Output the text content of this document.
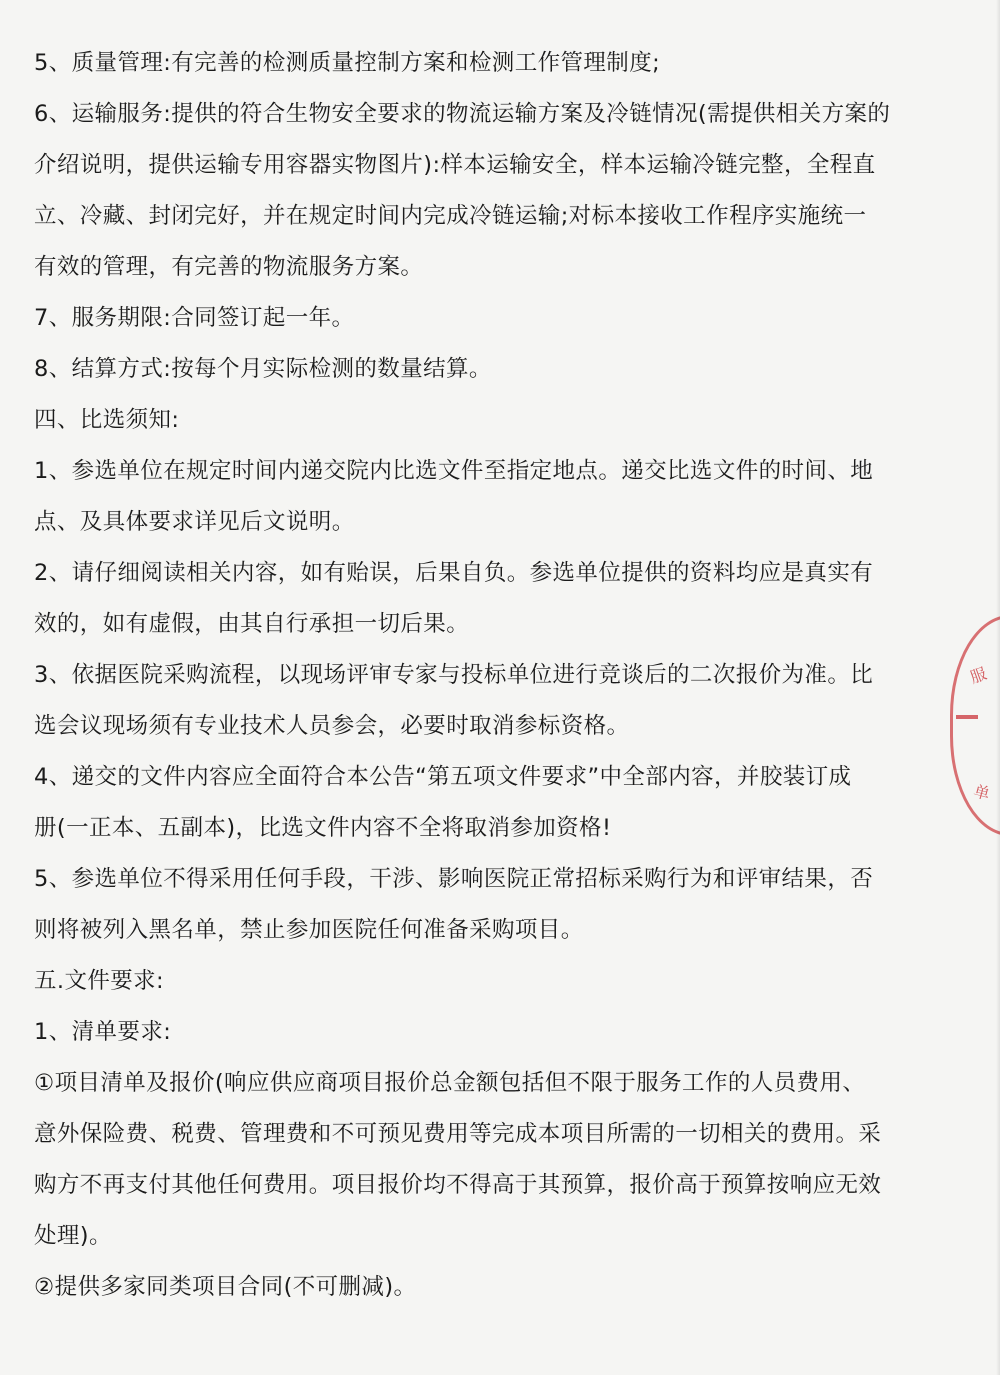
5、质量管理:有完善的检测质量控制方案和检测工作管理制度;
6、运输服务:提供的符合生物安全要求的物流运输方案及冷链情况(需提供相关方案的
介绍说明，提供运输专用容器实物图片):样本运输安全，样本运输冷链完整，全程直
立、冷藏、封闭完好，并在规定时间内完成冷链运输;对标本接收工作程序实施统一
有效的管理，有完善的物流服务方案。
7、服务期限:合同签订起一年。
8、结算方式:按每个月实际检测的数量结算。
四、比选须知:
1、参选单位在规定时间内递交院内比选文件至指定地点。递交比选文件的时间、地
点、及具体要求详见后文说明。
2、请仔细阅读相关内容，如有贻误，后果自负。参选单位提供的资料均应是真实有
效的，如有虚假，由其自行承担一切后果。
3、依据医院采购流程，以现场评审专家与投标单位进行竞谈后的二次报价为准。比
选会议现场须有专业技术人员参会，必要时取消参标资格。
4、递交的文件内容应全面符合本公告“第五项文件要求”中全部内容，并胶装订成
册(一正本、五副本)，比选文件内容不全将取消参加资格!
5、参选单位不得采用任何手段，干涉、影响医院正常招标采购行为和评审结果，否
则将被列入黑名单，禁止参加医院任何准备采购项目。
五.文件要求:
1、清单要求:
①项目清单及报价(响应供应商项目报价总金额包括但不限于服务工作的人员费用、
意外保险费、税费、管理费和不可预见费用等完成本项目所需的一切相关的费用。采
购方不再支付其他任何费用。项目报价均不得高于其预算，报价高于预算按响应无效
处理)。
②提供多家同类项目合同(不可删减)。
服
单
